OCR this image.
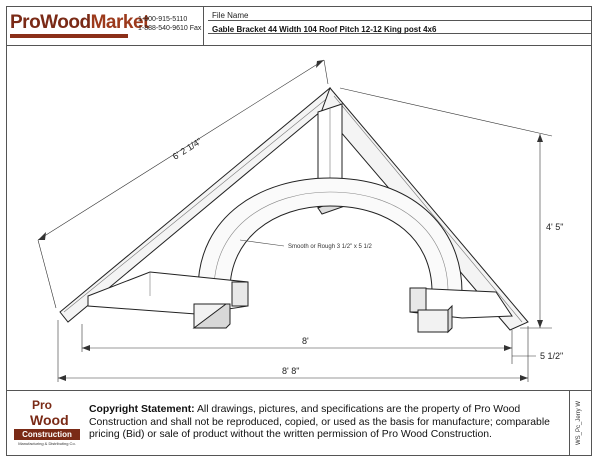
ProWoodMarket
1-800-915-5110
1-888-540-9610 Fax
File Name
Gable Bracket 44 Width 104 Roof Pitch 12-12 King post 4x6
6' 2 1/4"
4' 5"
8'
8' 8"
5 1/2"
Smooth or Rough 3 1/2" x 5 1/2
Pro
Wood
Construction
Manufacturing & Distributing Co.
Copyright Statement: All drawings, pictures, and specifications are the property of Pro Wood Construction and shall not be reproduced, copied, or used as the basis for manufacture; comparable pricing (Bid) or sale of product without the written permission of Pro Wood Construction.	WS_Pc_Jerry W
